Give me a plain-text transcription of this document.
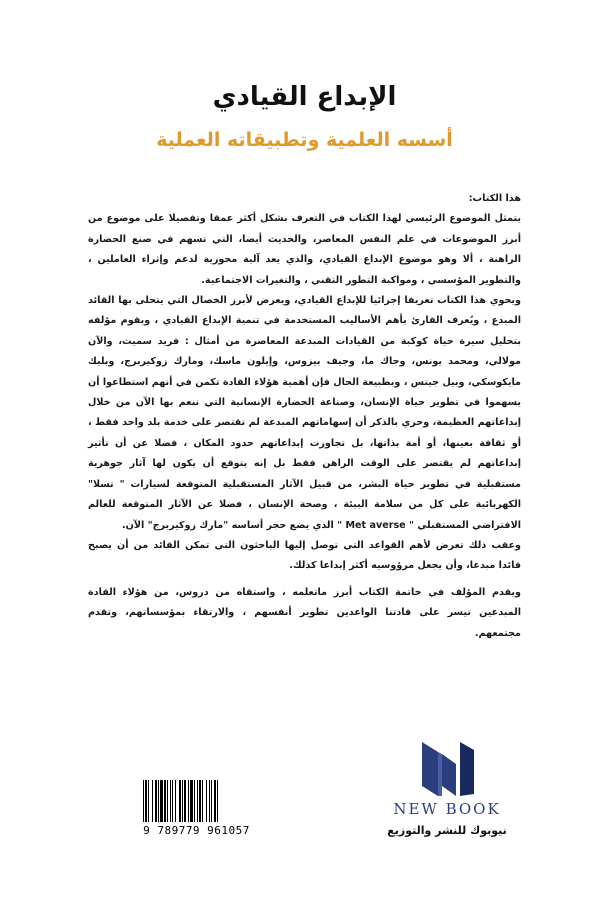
الإبداع القيادي
أسسه العلمية وتطبيقاته العملية

هذا الكتاب:

يتمثل الموضوع الرئيسي لهذا الكتاب في التعرف بشكل أكثر عمقا وتفصيلا على موضوع من أبرز الموضوعات في علم النفس المعاصر، والحديث أيضا، التي تسهم في صنع الحضارة الراهنة ، ألا وهو موضوع الإبداع القيادي، والذي يعد آلية محورية لدعم وإثراء العاملين ، والتطوير المؤسسي ، ومواكبة التطور التقني ، والتغيرات الاجتماعية.

ويحوي هذا الكتاب تعريفا إجرائيا للإبداع القيادي، ويعرض لأبرز الخصال التي يتحلى بها القائد المبدع ، ويُعرف القارئ بأهم الأساليب المستخدمة في تنمية الإبداع القيادي ، ويقوم مؤلفه بتحليل سيرة حياة كوكبة من القيادات المبدعة المعاصرة من أمثال : فريد سميث، والآن مولالي، ومحمد يونس، وجاك ما، وجيف بيزوس، وإيلون ماسك، ومارك زوكيربرج، وبليك مايكوسكي، وبيل جيتس ، وبطبيعة الحال فإن أهمية هؤلاء القادة تكمن في أنهم استطاعوا أن يسهموا في تطوير حياة الإنسان، وصناعة الحضارة الإنسانية التي ننعم بها الآن من خلال إبداعاتهم العظيمة، وحري بالذكر أن إسهاماتهم المبدعة لم تقتصر على خدمة بلد واحد فقط ، أو ثقافة بعينها، أو أمة بذاتها، بل تجاوزت إبداعاتهم حدود المكان ، فضلا عن أن تأثير إبداعاتهم لم يقتصر على الوقت الراهن فقط بل إنه يتوقع أن يكون لها آثار جوهرية مستقبلية في تطوير حياة البشر، من قبيل الآثار المستقبلية المتوقعة لسيارات " تسلا" الكهربائية على كل من سلامة البيئة ، وصحة الإنسان ، فضلا عن الآثار المتوقعة للعالم الافتراضي المستقبلي " Met averse " الذي يضع حجر أساسه "مارك زوكيربرج" الآن.

وعقب ذلك تعرض لأهم القواعد التي توصل إليها الباحثون التي تمكن القائد من أن يصبح قائدا مبدعا، وأن يجعل مرؤوسيه أكثر إبداعا كذلك.

ويقدم المؤلف في خاتمة الكتاب أبرز ماتعلمه ، واستقاه من دروس، من هؤلاء القادة المبدعين تيسر على قادتنا الواعدين تطوير أنفسهم ، والارتقاء بمؤسساتهم، وتقدم مجتمعهم.

9 789779 961057
NEW BOOK
نيوبوك للنشر والتوزيع
